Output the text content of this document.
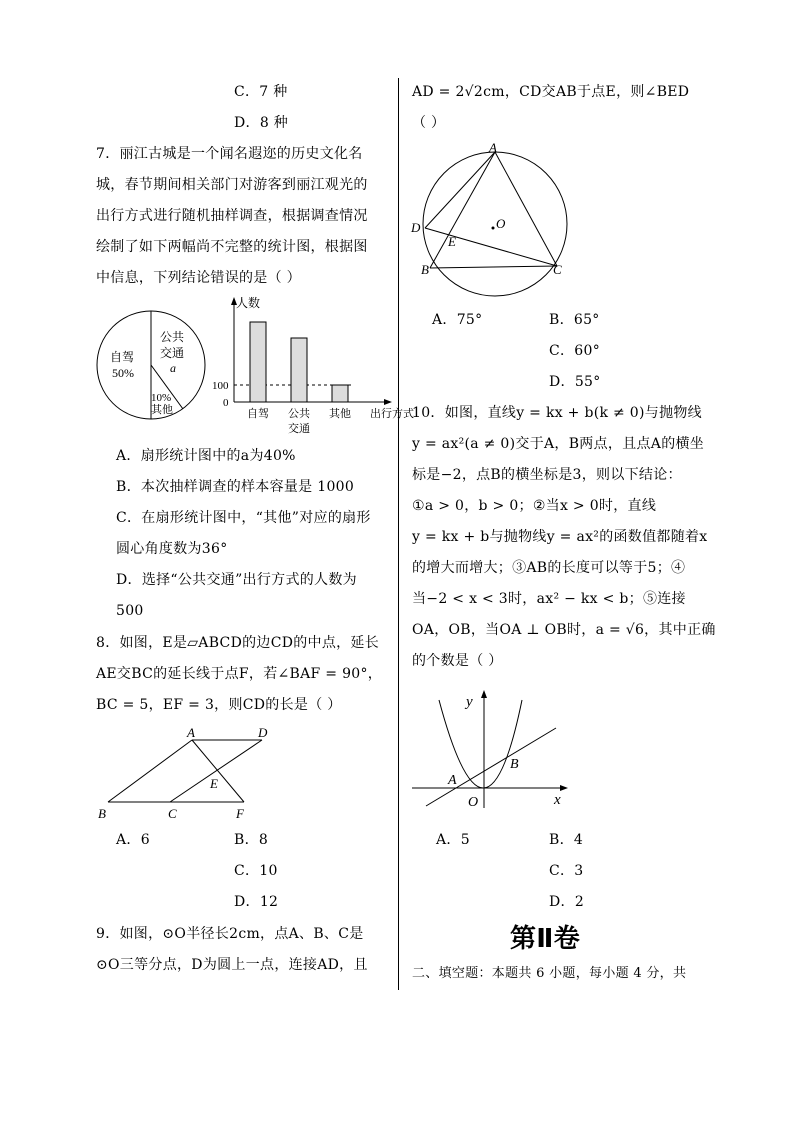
C．7 种
D．8 种
7．丽江古城是一个闻名遐迩的历史文化名
城，春节期间相关部门对游客到丽江观光的
出行方式进行随机抽样调查，根据调查情况
绘制了如下两幅尚不完整的统计图，根据图
中信息，下列结论错误的是（ ）
自驾
50%
公共
交通
a
10%
其他
人数
100
0
自驾 公共
交通
其他 出行方式
A．扇形统计图中的a为40%
B．本次抽样调查的样本容量是 1000
C．在扇形统计图中，“其他”对应的扇形
圆心角度数为36°
D．选择“公共交通”出行方式的人数为
500
8．如图，E是▱ABCD的边CD的中点，延长
AE交BC的延长线于点F，若∠BAF = 90°，
BC = 5，EF = 3，则CD的长是（ ）
A	D
E
B	C	F
A．6	B．8
C．10
D．12
9．如图，⊙O半径长2cm，点A、B、C是
⊙O三等分点，D为圆上一点，连接AD，且
AD = 2√2cm，CD交AB于点E，则∠BED
（ ）
A
O
D
E
B	C
A．75°	B．65°
C．60°
D．55°
10．如图，直线y = kx + b(k ≠ 0)与抛物线
y = ax²(a ≠ 0)交于A，B两点，且点A的横坐
标是−2，点B的横坐标是3，则以下结论：
①a > 0，b > 0；②当x > 0时，直线
y = kx + b与抛物线y = ax²的函数值都随着x
的增大而增大；③AB的长度可以等于5；④
当−2 < x < 3时，ax² − kx < b；⑤连接
OA，OB，当OA ⊥ OB时，a = √6，其中正确
的个数是（ ）
y
x
A
B
O
A．5	B．4
C．3
D．2
第Ⅱ卷
二、填空题：本题共 6 小题，每小题 4 分，共
